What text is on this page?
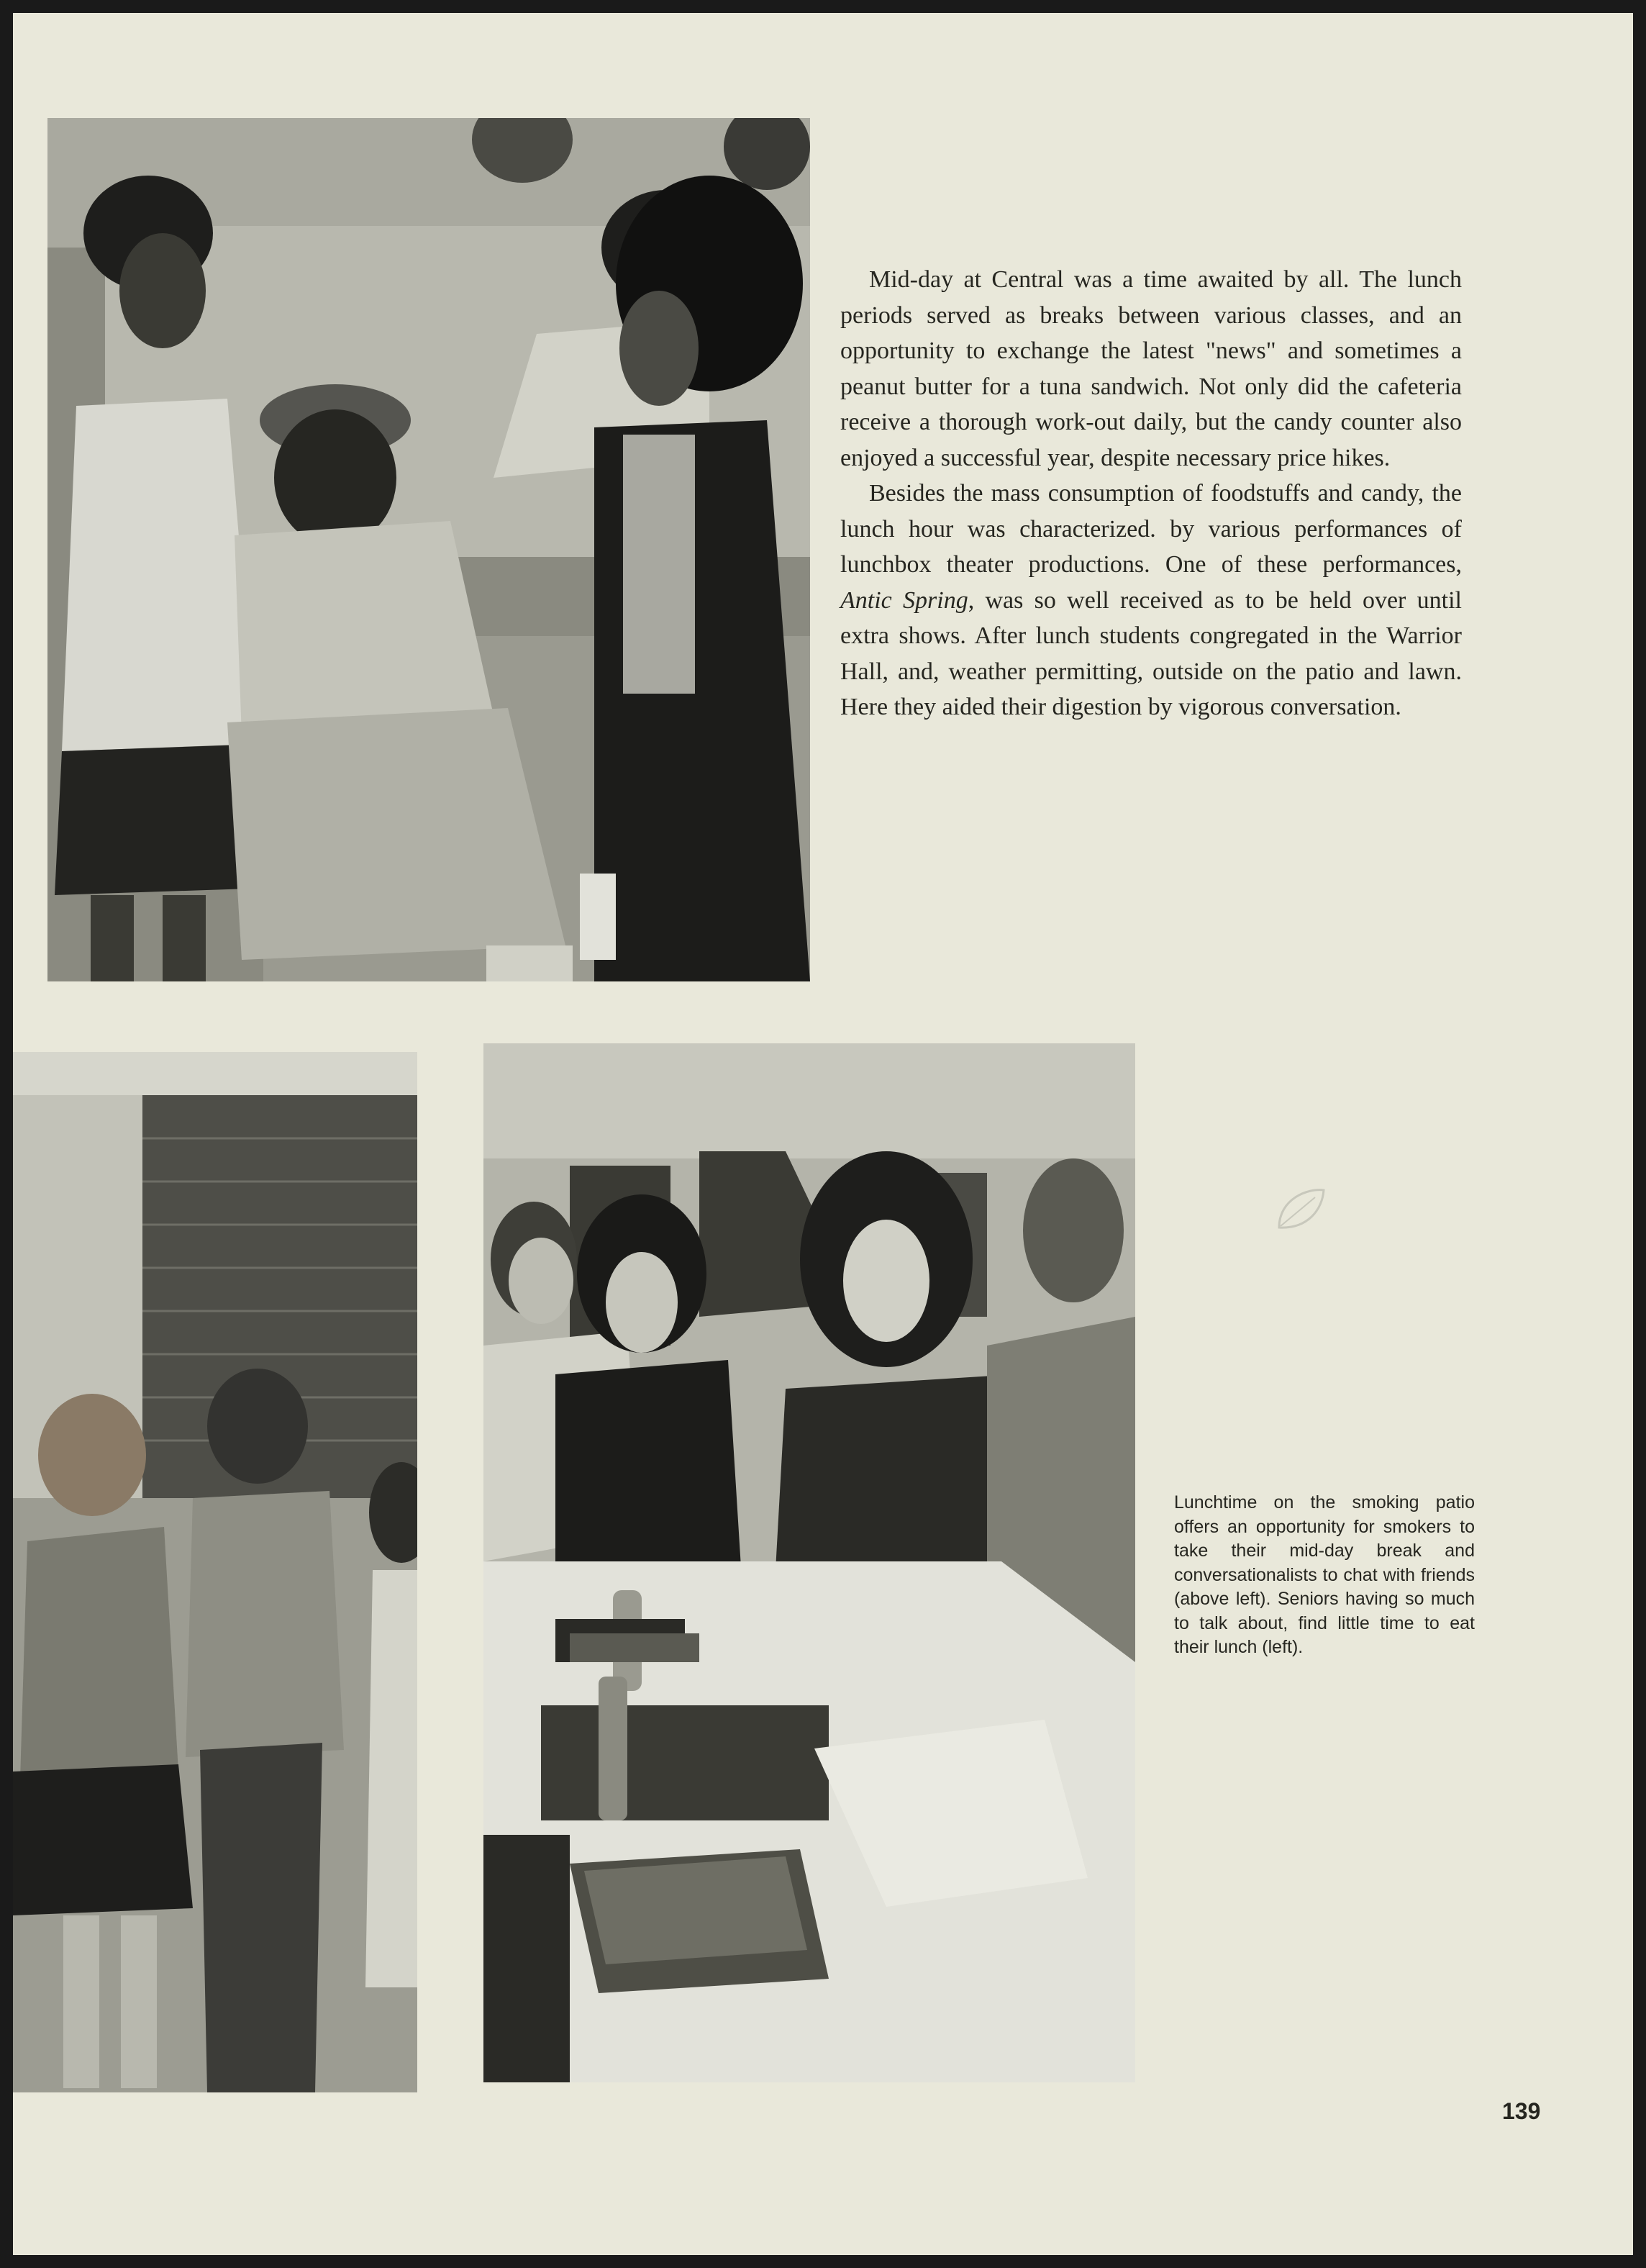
Mid-day at Central was a time awaited by all. The lunch periods served as breaks between various classes, and an opportunity to exchange the latest "news" and sometimes a peanut butter for a tuna sandwich. Not only did the cafeteria receive a thorough work-out daily, but the candy counter also enjoyed a successful year, despite necessary price hikes.

Besides the mass consumption of foodstuffs and candy, the lunch hour was characterized. by various performances of lunchbox theater productions. One of these performances, Antic Spring, was so well received as to be held over until extra shows. After lunch students congregated in the Warrior Hall, and, weather permitting, outside on the patio and lawn. Here they aided their digestion by vigorous conversation.

Lunchtime on the smoking patio offers an opportunity for smokers to take their mid-day break and conversationalists to chat with friends (above left). Seniors having so much to talk about, find little time to eat their lunch (left).
139
